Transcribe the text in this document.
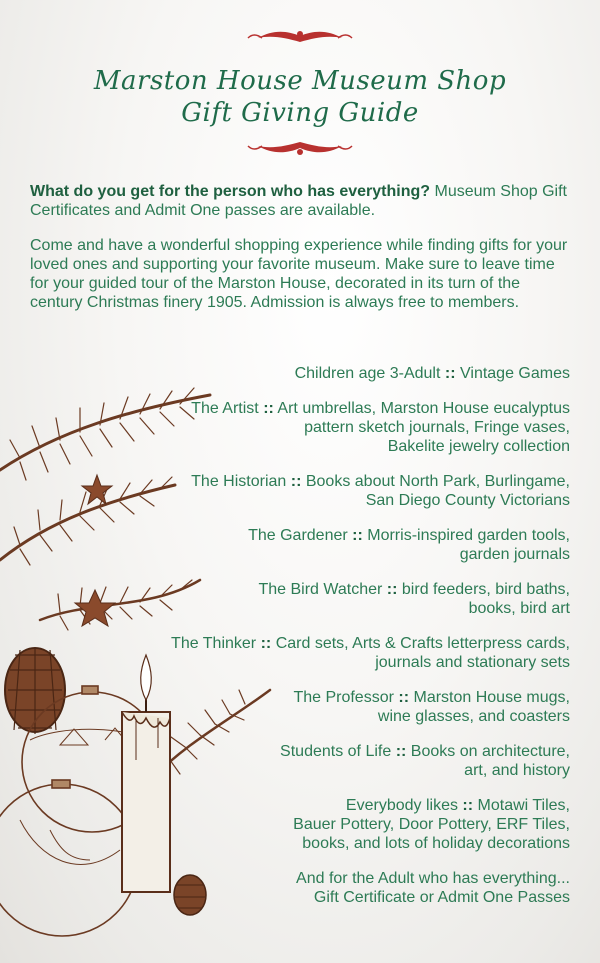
Marston House Museum Shop
Gift Giving Guide
What do you get for the person who has everything? Museum Shop Gift Certificates and Admit One passes are available.
Come and have a wonderful shopping experience while finding gifts for your loved ones and supporting your favorite museum. Make sure to leave time for your guided tour of the Marston House, decorated in its turn of the century Christmas finery 1905. Admission is always free to members.
Children age 3-Adult :: Vintage Games
The Artist :: Art umbrellas, Marston House eucalyptus
pattern sketch journals, Fringe vases,
Bakelite jewelry collection
The Historian :: Books about North Park, Burlingame,
San Diego County Victorians
The Gardener :: Morris-inspired garden tools,
garden journals
The Bird Watcher :: bird feeders, bird baths,
books, bird art
The Thinker :: Card sets, Arts & Crafts letterpress cards,
journals and stationary sets
The Professor :: Marston House mugs,
wine glasses, and coasters
Students of Life :: Books on architecture,
art, and history
Everybody likes :: Motawi Tiles,
Bauer Pottery, Door Pottery, ERF Tiles,
books, and lots of holiday decorations
And for the Adult who has everything...
Gift Certificate or Admit One Passes
